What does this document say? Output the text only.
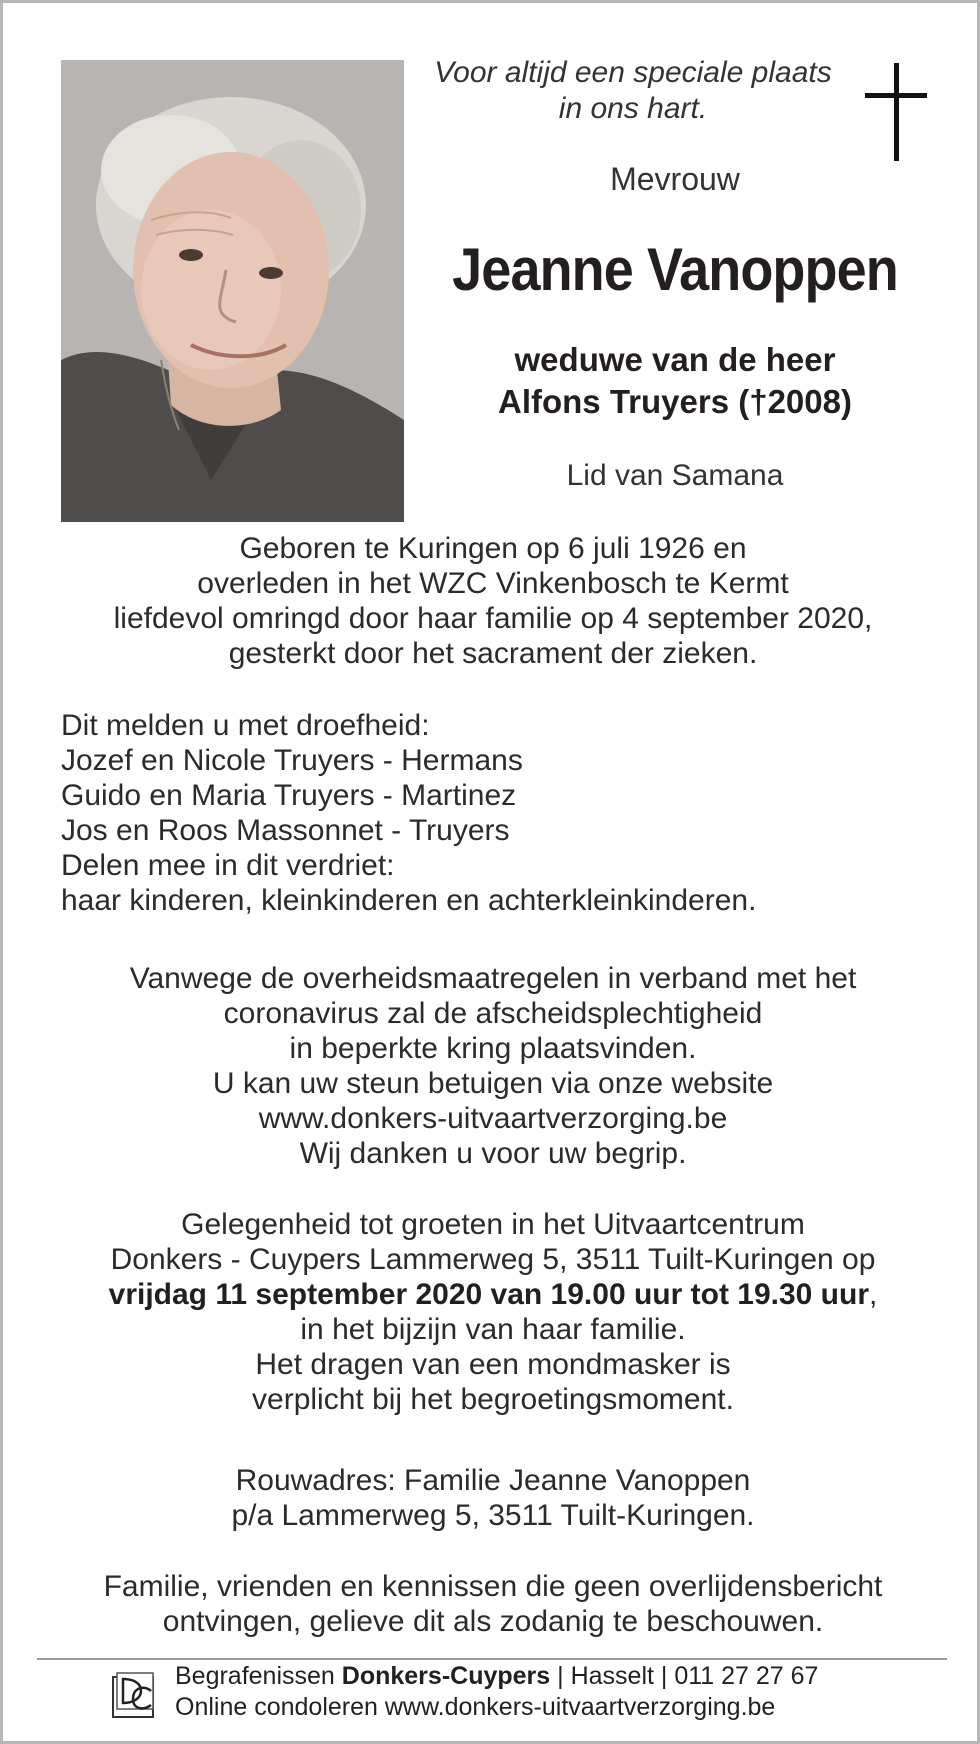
Voor altijd een speciale plaats
in ons hart.
Mevrouw
Jeanne Vanoppen
weduwe van de heer
Alfons Truyers (†2008)
Lid van Samana
Geboren te Kuringen op 6 juli 1926 en
overleden in het WZC Vinkenbosch te Kermt
liefdevol omringd door haar familie op 4 september 2020,
gesterkt door het sacrament der zieken.
Dit melden u met droefheid:
Jozef en Nicole Truyers - Hermans
Guido en Maria Truyers - Martinez
Jos en Roos Massonnet - Truyers
Delen mee in dit verdriet:
haar kinderen, kleinkinderen en achterkleinkinderen.
Vanwege de overheidsmaatregelen in verband met het
coronavirus zal de afscheidsplechtigheid
in beperkte kring plaatsvinden.
U kan uw steun betuigen via onze website
www.donkers-uitvaartverzorging.be
Wij danken u voor uw begrip.
Gelegenheid tot groeten in het Uitvaartcentrum
Donkers - Cuypers Lammerweg 5, 3511 Tuilt-Kuringen op
vrijdag 11 september 2020 van 19.00 uur tot 19.30 uur,
in het bijzijn van haar familie.
Het dragen van een mondmasker is
verplicht bij het begroetingsmoment.
Rouwadres: Familie Jeanne Vanoppen
p/a Lammerweg 5, 3511 Tuilt-Kuringen.
Familie, vrienden en kennissen die geen overlijdensbericht
ontvingen, gelieve dit als zodanig te beschouwen.
Begrafenissen Donkers-Cuypers | Hasselt | 011 27 27 67
Online condoleren www.donkers-uitvaartverzorging.be
